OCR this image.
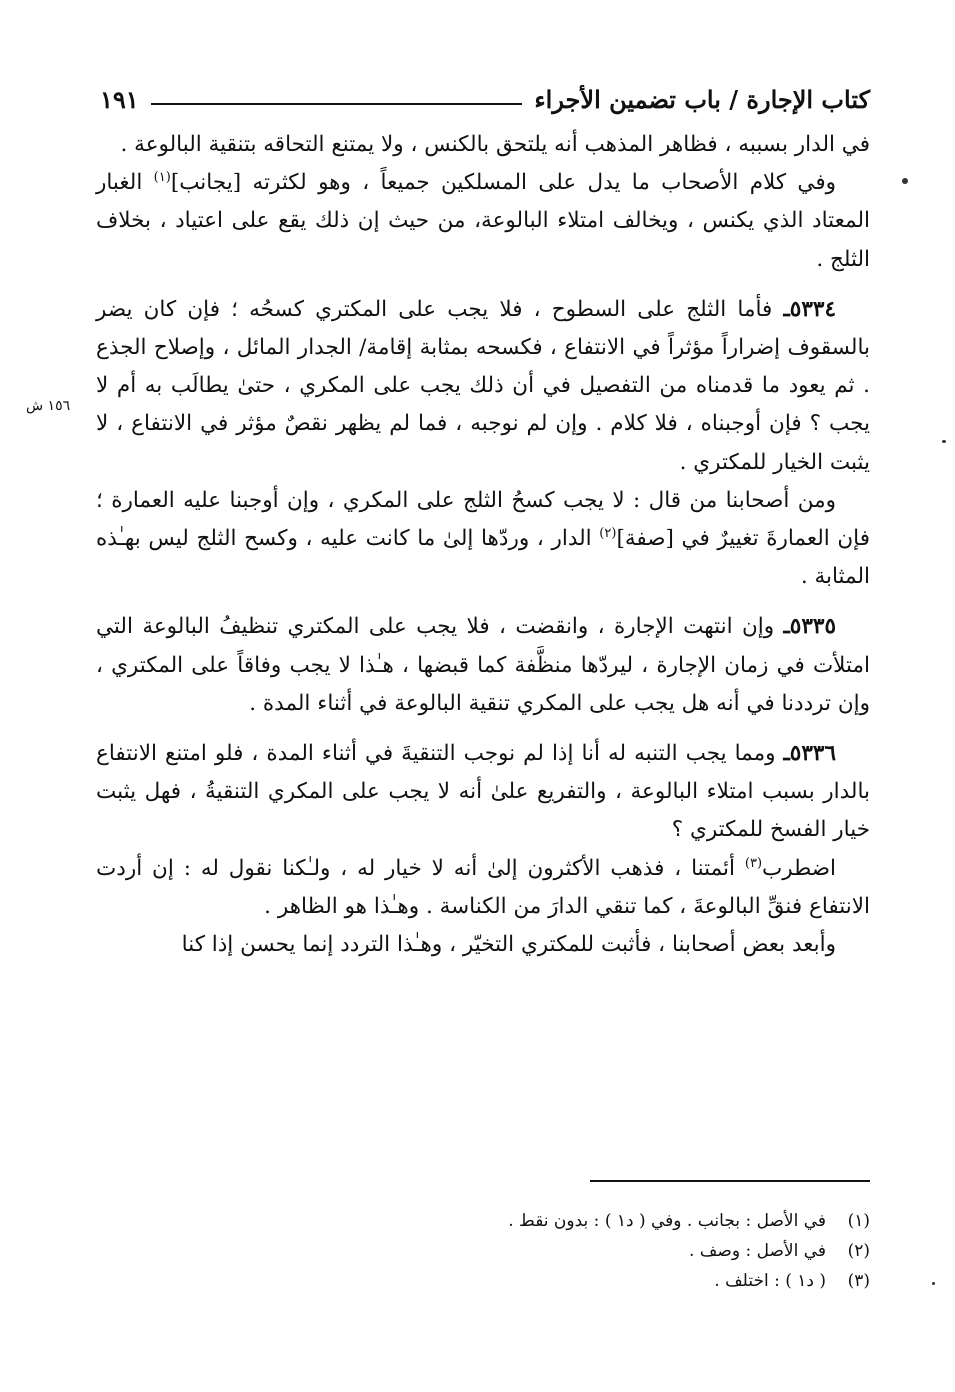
كتاب الإجارة / باب تضمين الأجراء
١٩١
١٥٦ ش

في الدار بسببه ، فظاهر المذهب أنه يلتحق بالكنس ، ولا يمتنع التحاقه بتنقية البالوعة .

وفي كلام الأصحاب ما يدل على المسلكين جميعاً ، وهو لكثرته [يجانب]$^{(١)}$ الغبار المعتاد الذي يكنس ، ويخالف امتلاء البالوعة، من حيث إن ذلك يقع على اعتياد ، بخلاف الثلج .

٥٣٣٤ـ فأما الثلج على السطوح ، فلا يجب على المكتري كسحُه ؛ فإن كان يضر بالسقوف إضراراً مؤثراً في الانتفاع ، فكسحه بمثابة إقامة/ الجدار المائل ، وإصلاح الجذع . ثم يعود ما قدمناه من التفصيل في أن ذلك يجب على المكري ، حتىٰ يطالَب به أم لا يجب ؟ فإن أوجبناه ، فلا كلام . وإن لم نوجبه ، فما لم يظهر نقصٌ مؤثر في الانتفاع ، لا يثبت الخيار للمكتري .

ومن أصحابنا من قال : لا يجب كسحُ الثلج على المكري ، وإن أوجبنا عليه العمارة ؛ فإن العمارةَ تغييرٌ في [صفة]$^{(٢)}$ الدار ، وردّها إلىٰ ما كانت عليه ، وكسح الثلج ليس بهـٰذه المثابة .

٥٣٣٥ـ وإن انتهت الإجارة ، وانقضت ، فلا يجب على المكتري تنظيفُ البالوعة التي امتلأت في زمان الإجارة ، ليردّها منظَّفة كما قبضها ، هـٰذا لا يجب وفاقاً على المكتري ، وإن ترددنا في أنه هل يجب على المكري تنقية البالوعة في أثناء المدة .

٥٣٣٦ـ ومما يجب التنبه له أنا إذا لم نوجب التنقيةَ في أثناء المدة ، فلو امتنع الانتفاع بالدار بسبب امتلاء البالوعة ، والتفريع علىٰ أنه لا يجب على المكري التنقيةُ ، فهل يثبت خيار الفسخ للمكتري ؟

اضطرب$^{(٣)}$ أئمتنا ، فذهب الأكثرون إلىٰ أنه لا خيار له ، ولـٰكنا نقول له : إن أردت الانتفاع فنقِّ البالوعةَ ، كما تنقي الدارَ من الكناسة . وهـٰذا هو الظاهر .

وأبعد بعض أصحابنا ، فأثبت للمكتري التخيّر ، وهـٰذا التردد إنما يحسن إذا كنا

(١)في الأصل : بجانب . وفي ( د١ ) : بدون نقط .
(٢)في الأصل : وصف .
(٣)( د١ ) : اختلف .
